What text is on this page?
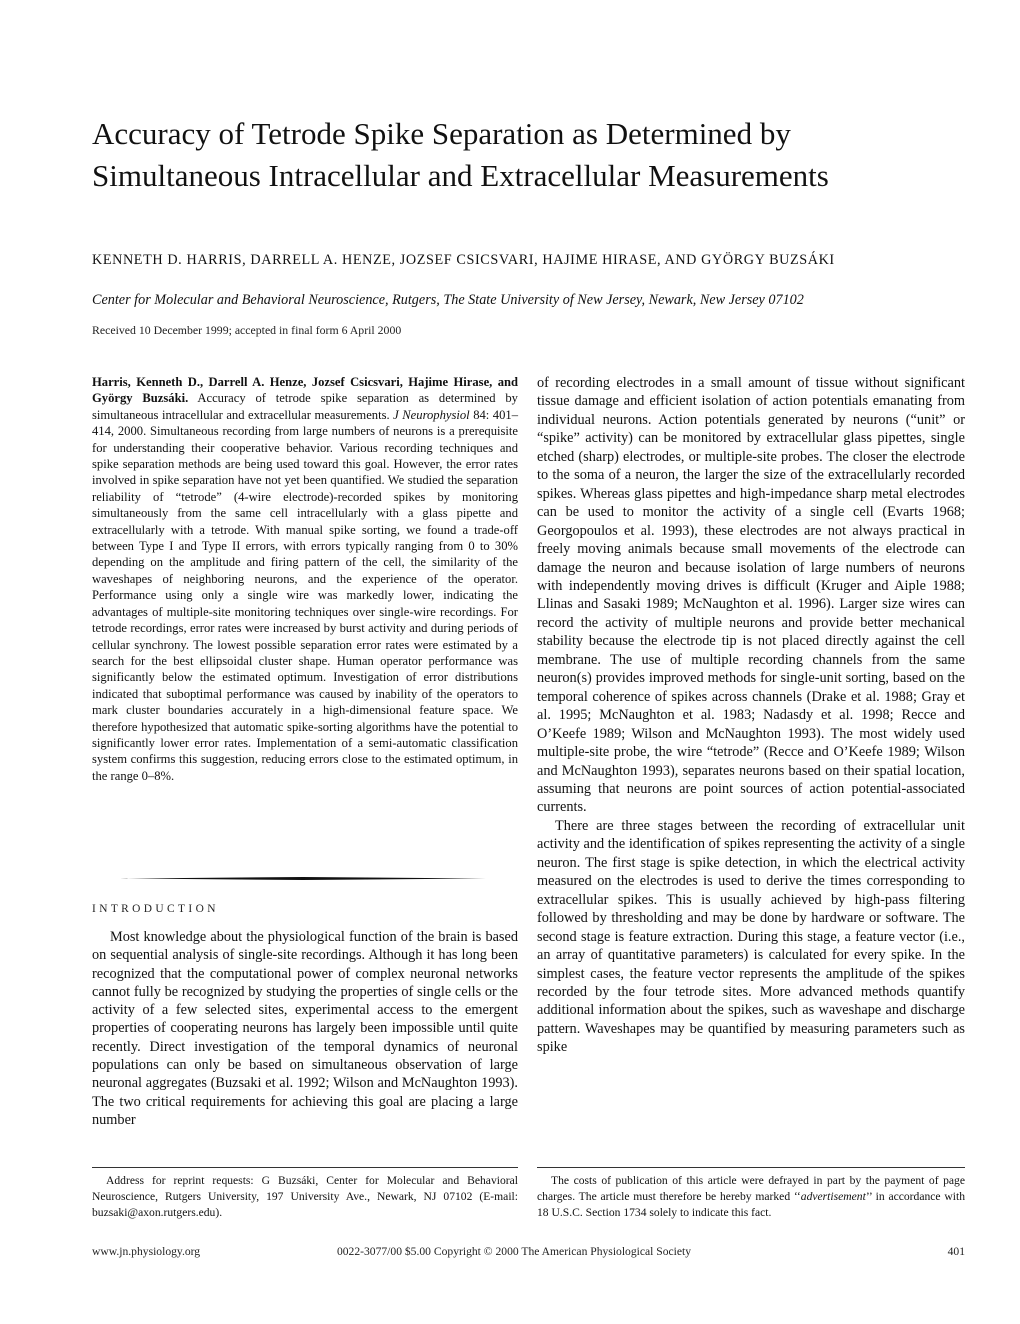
Accuracy of Tetrode Spike Separation as Determined by Simultaneous Intracellular and Extracellular Measurements
KENNETH D. HARRIS, DARRELL A. HENZE, JOZSEF CSICSVARI, HAJIME HIRASE, AND GYÖRGY BUZSÁKI
Center for Molecular and Behavioral Neuroscience, Rutgers, The State University of New Jersey, Newark, New Jersey 07102
Received 10 December 1999; accepted in final form 6 April 2000
Harris, Kenneth D., Darrell A. Henze, Jozsef Csicsvari, Hajime Hirase, and György Buzsáki. Accuracy of tetrode spike separation as determined by simultaneous intracellular and extracellular measurements. J Neurophysiol 84: 401–414, 2000. Simultaneous recording from large numbers of neurons is a prerequisite for understanding their cooperative behavior. Various recording techniques and spike separation methods are being used toward this goal. However, the error rates involved in spike separation have not yet been quantified. We studied the separation reliability of “tetrode” (4-wire electrode)-recorded spikes by monitoring simultaneously from the same cell intracellularly with a glass pipette and extracellularly with a tetrode. With manual spike sorting, we found a trade-off between Type I and Type II errors, with errors typically ranging from 0 to 30% depending on the amplitude and firing pattern of the cell, the similarity of the waveshapes of neighboring neurons, and the experience of the operator. Performance using only a single wire was markedly lower, indicating the advantages of multiple-site monitoring techniques over single-wire recordings. For tetrode recordings, error rates were increased by burst activity and during periods of cellular synchrony. The lowest possible separation error rates were estimated by a search for the best ellipsoidal cluster shape. Human operator performance was significantly below the estimated optimum. Investigation of error distributions indicated that suboptimal performance was caused by inability of the operators to mark cluster boundaries accurately in a high-dimensional feature space. We therefore hypothesized that automatic spike-sorting algorithms have the potential to significantly lower error rates. Implementation of a semi-automatic classification system confirms this suggestion, reducing errors close to the estimated optimum, in the range 0–8%.
INTRODUCTION

Most knowledge about the physiological function of the brain is based on sequential analysis of single-site recordings. Although it has long been recognized that the computational power of complex neuronal networks cannot fully be recognized by studying the properties of single cells or the activity of a few selected sites, experimental access to the emergent properties of cooperating neurons has largely been impossible until quite recently. Direct investigation of the temporal dynamics of neuronal populations can only be based on simultaneous observation of large neuronal aggregates (Buzsaki et al. 1992; Wilson and McNaughton 1993). The two critical requirements for achieving this goal are placing a large number

of recording electrodes in a small amount of tissue without significant tissue damage and efficient isolation of action potentials emanating from individual neurons. Action potentials generated by neurons (“unit” or “spike” activity) can be monitored by extracellular glass pipettes, single etched (sharp) electrodes, or multiple-site probes. The closer the electrode to the soma of a neuron, the larger the size of the extracellularly recorded spikes. Whereas glass pipettes and high-impedance sharp metal electrodes can be used to monitor the activity of a single cell (Evarts 1968; Georgopoulos et al. 1993), these electrodes are not always practical in freely moving animals because small movements of the electrode can damage the neuron and because isolation of large numbers of neurons with independently moving drives is difficult (Kruger and Aiple 1988; Llinas and Sasaki 1989; McNaughton et al. 1996). Larger size wires can record the activity of multiple neurons and provide better mechanical stability because the electrode tip is not placed directly against the cell membrane. The use of multiple recording channels from the same neuron(s) provides improved methods for single-unit sorting, based on the temporal coherence of spikes across channels (Drake et al. 1988; Gray et al. 1995; McNaughton et al. 1983; Nadasdy et al. 1998; Recce and O’Keefe 1989; Wilson and McNaughton 1993). The most widely used multiple-site probe, the wire “tetrode” (Recce and O’Keefe 1989; Wilson and McNaughton 1993), separates neurons based on their spatial location, assuming that neurons are point sources of action potential-associated currents.

There are three stages between the recording of extracellular unit activity and the identification of spikes representing the activity of a single neuron. The first stage is spike detection, in which the electrical activity measured on the electrodes is used to derive the times corresponding to extracellular spikes. This is usually achieved by high-pass filtering followed by thresholding and may be done by hardware or software. The second stage is feature extraction. During this stage, a feature vector (i.e., an array of quantitative parameters) is calculated for every spike. In the simplest cases, the feature vector represents the amplitude of the spikes recorded by the four tetrode sites. More advanced methods quantify additional information about the spikes, such as waveshape and discharge pattern. Waveshapes may be quantified by measuring parameters such as spike

Address for reprint requests: G Buzsáki, Center for Molecular and Behavioral Neuroscience, Rutgers University, 197 University Ave., Newark, NJ 07102 (E-mail: buzsaki@axon.rutgers.edu).
The costs of publication of this article were defrayed in part by the payment of page charges. The article must therefore be hereby marked ‘‘advertisement’’ in accordance with 18 U.S.C. Section 1734 solely to indicate this fact.
www.jn.physiology.org	0022-3077/00 $5.00 Copyright © 2000 The American Physiological Society	401
